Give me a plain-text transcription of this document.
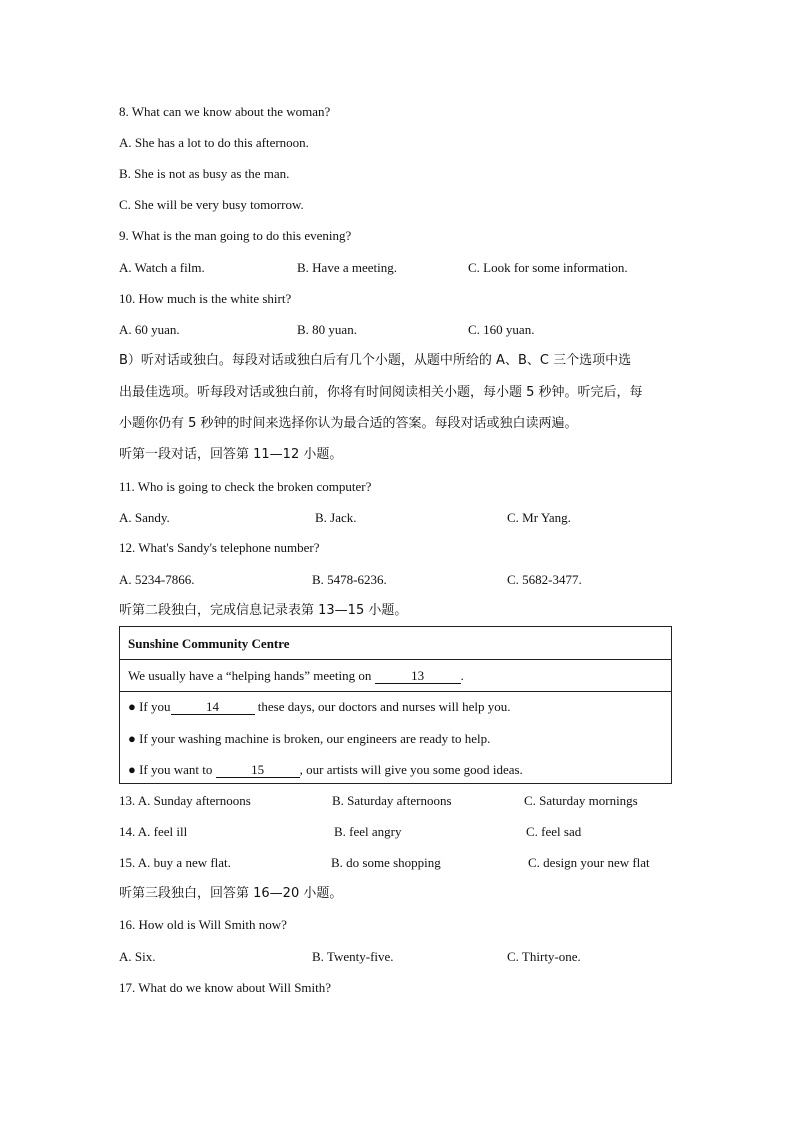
8. What can we know about the woman?
A. She has a lot to do this afternoon.
B. She is not as busy as the man.
C. She will be very busy tomorrow.
9. What is the man going to do this evening?
A. Watch a film.	B. Have a meeting.	C. Look for some information.
10. How much is the white shirt?
A. 60 yuan.	B. 80 yuan.	C. 160 yuan.
B）听对话或独白。每段对话或独白后有几个小题，从题中所给的 A、B、C 三个选项中选
出最佳选项。听每段对话或独白前，你将有时间阅读相关小题，每小题 5 秒钟。听完后，每
小题你仍有 5 秒钟的时间来选择你认为最合适的答案。每段对话或独白读两遍。
听第一段对话，回答第 11—12 小题。
11. Who is going to check the broken computer?
A. Sandy.	B. Jack.	C. Mr Yang.
12. What's Sandy's telephone number?
A. 5234-7866.	B. 5478-6236.	C. 5682-3477.
听第二段独白，完成信息记录表第 13—15 小题。
Sunshine Community Centre
We usually have a “helping hands” meeting on	13	.
● If you	14	these days, our doctors and nurses will help you.
● If your washing machine is broken, our engineers are ready to help.
● If you want to	15	, our artists will give you some good ideas.
13. A. Sunday afternoons	B. Saturday afternoons	C. Saturday mornings
14. A. feel ill	B. feel angry	C. feel sad
15. A. buy a new flat.	B. do some shopping	C. design your new flat
听第三段独白，回答第 16—20 小题。
16. How old is Will Smith now?
A. Six.	B. Twenty-five.	C. Thirty-one.
17. What do we know about Will Smith?
